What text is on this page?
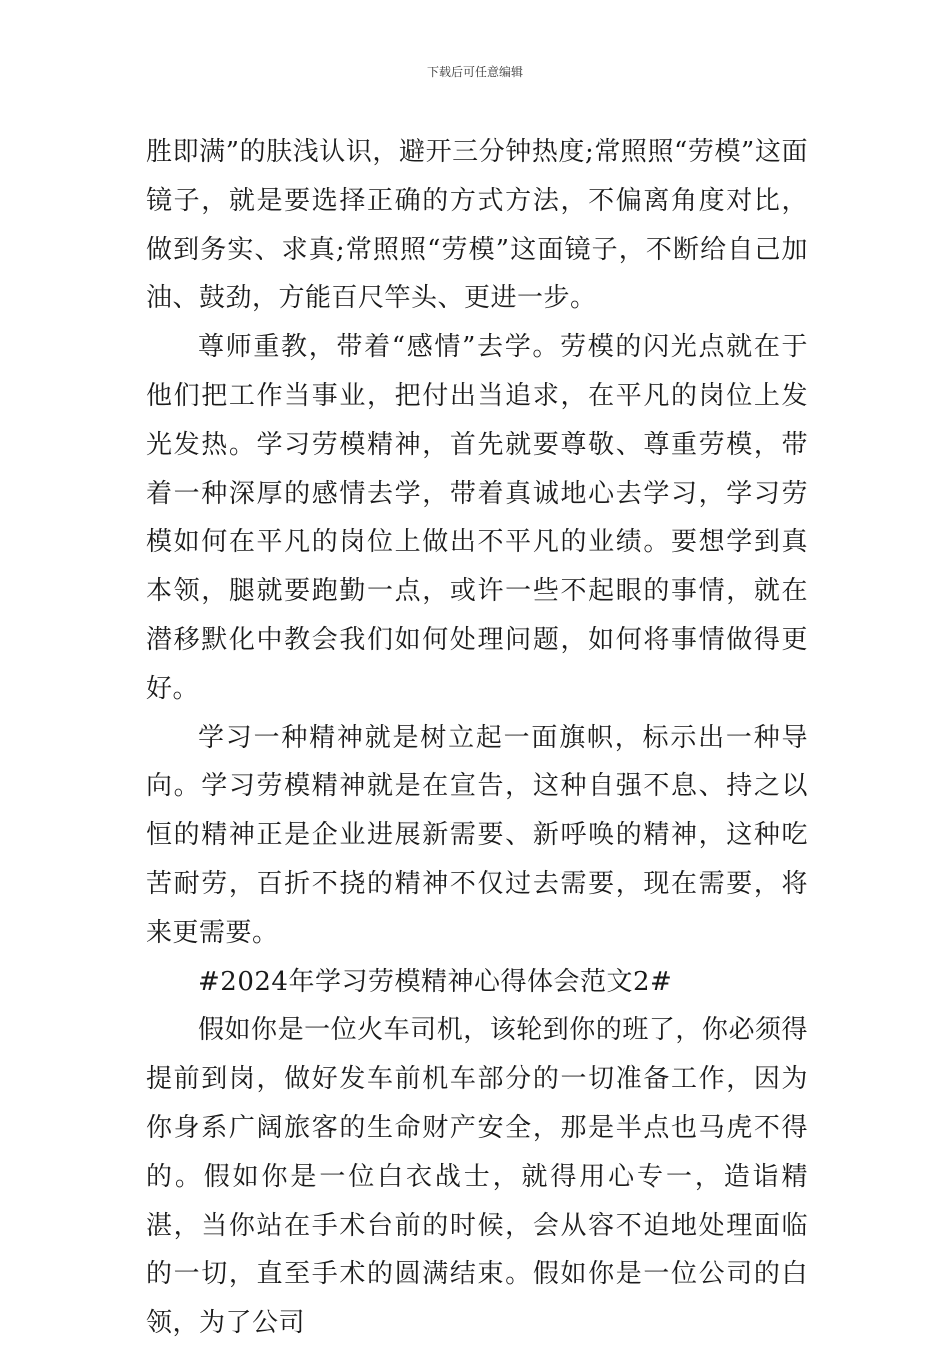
下载后可任意编辑

胜即满”的肤浅认识，避开三分钟热度;常照照“劳模”这面镜子，就是要选择正确的方式方法，不偏离角度对比，做到务实、求真;常照照“劳模”这面镜子，不断给自己加油、鼓劲，方能百尺竿头、更进一步。

尊师重教，带着“感情”去学。劳模的闪光点就在于他们把工作当事业，把付出当追求，在平凡的岗位上发光发热。学习劳模精神，首先就要尊敬、尊重劳模，带着一种深厚的感情去学，带着真诚地心去学习，学习劳模如何在平凡的岗位上做出不平凡的业绩。要想学到真本领，腿就要跑勤一点，或许一些不起眼的事情，就在潜移默化中教会我们如何处理问题，如何将事情做得更好。

学习一种精神就是树立起一面旗帜，标示出一种导向。学习劳模精神就是在宣告，这种自强不息、持之以恒的精神正是企业进展新需要、新呼唤的精神，这种吃苦耐劳，百折不挠的精神不仅过去需要，现在需要，将来更需要。

#2024年学习劳模精神心得体会范文2#

假如你是一位火车司机，该轮到你的班了，你必须得提前到岗，做好发车前机车部分的一切准备工作，因为你身系广阔旅客的生命财产安全，那是半点也马虎不得的。假如你是一位白衣战士，就得用心专一，造诣精湛，当你站在手术台前的时候，会从容不迫地处理面临的一切，直至手术的圆满结束。假如你是一位公司的白领，为了公司
